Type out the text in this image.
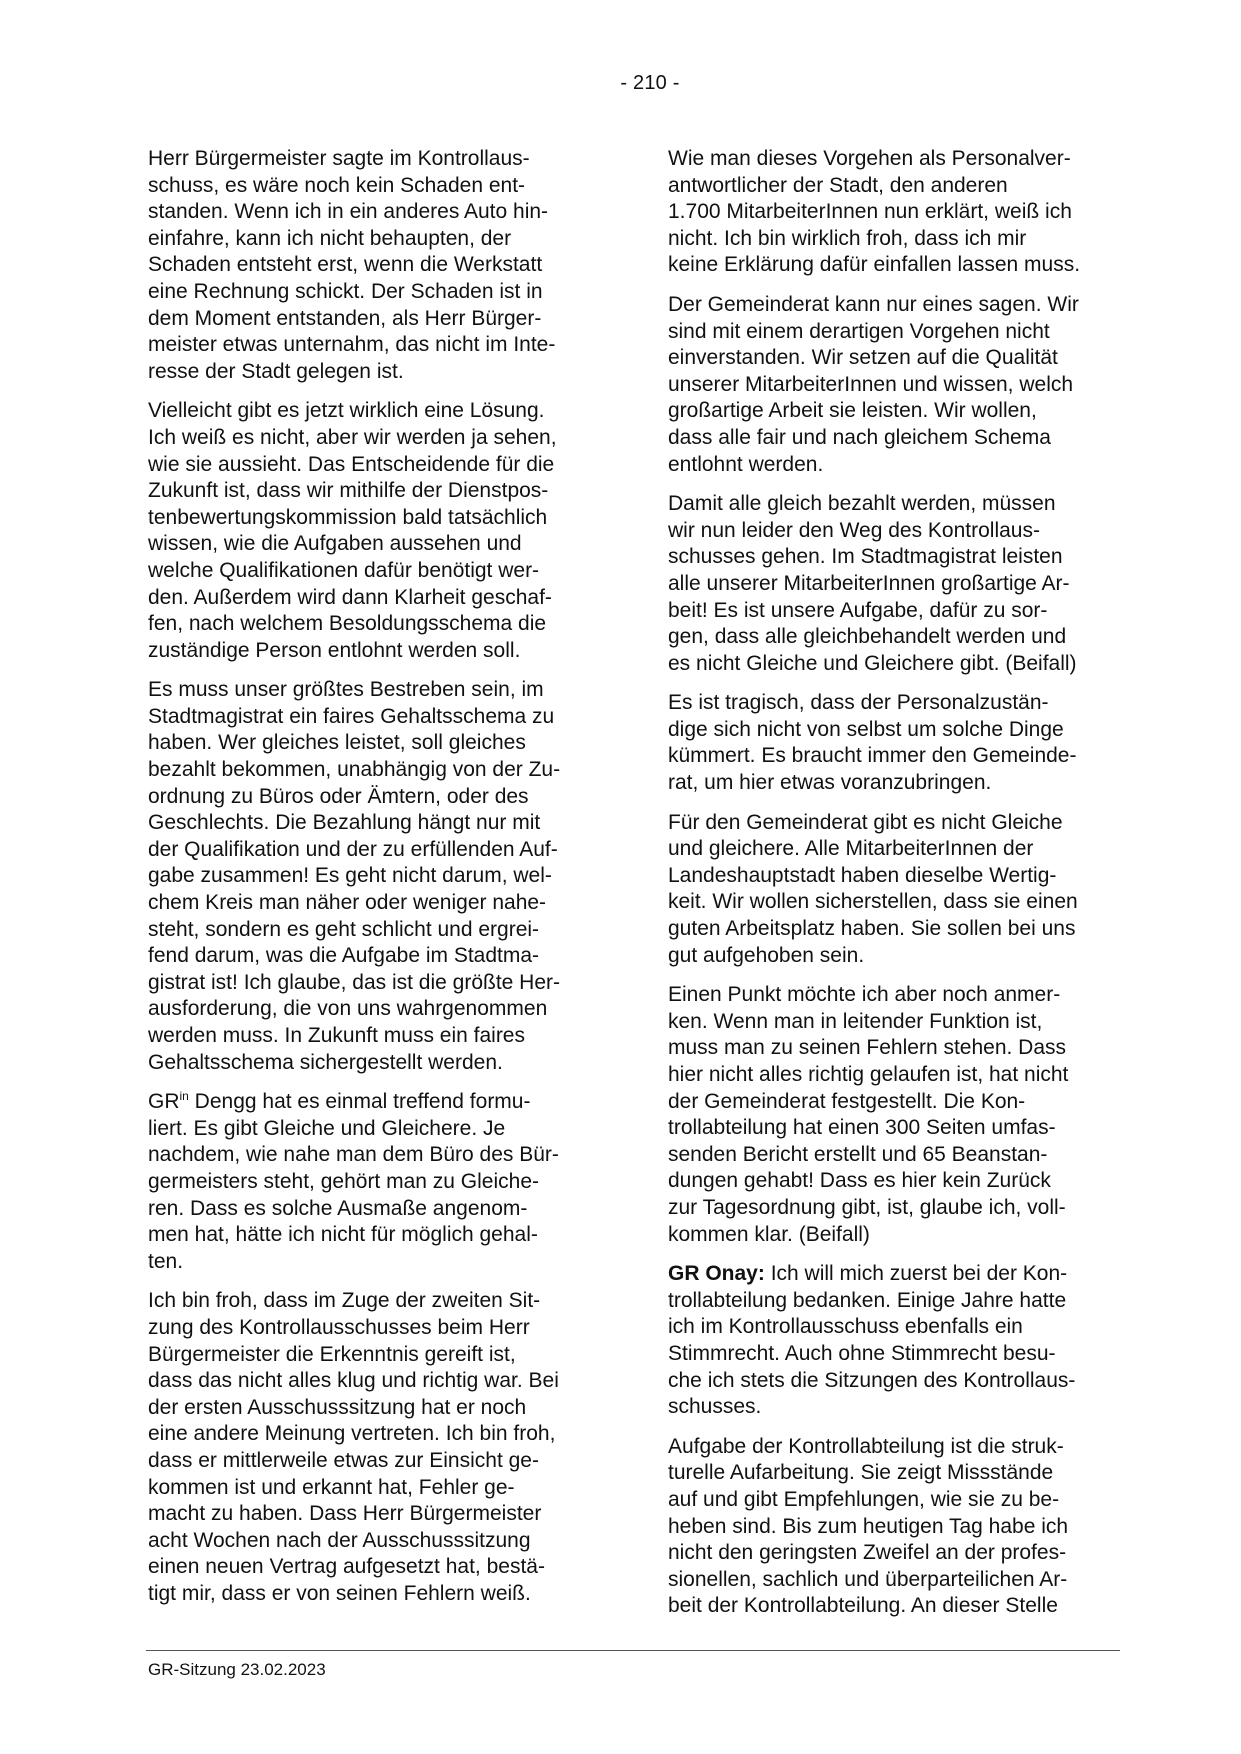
- 210 -

Herr Bürgermeister sagte im Kontrollaus-
schuss, es wäre noch kein Schaden ent-
standen. Wenn ich in ein anderes Auto hin-
einfahre, kann ich nicht behaupten, der
Schaden entsteht erst, wenn die Werkstatt
eine Rechnung schickt. Der Schaden ist in
dem Moment entstanden, als Herr Bürger-
meister etwas unternahm, das nicht im Inte-
resse der Stadt gelegen ist.

Vielleicht gibt es jetzt wirklich eine Lösung.
Ich weiß es nicht, aber wir werden ja sehen,
wie sie aussieht. Das Entscheidende für die
Zukunft ist, dass wir mithilfe der Dienstpos-
tenbewertungskommission bald tatsächlich
wissen, wie die Aufgaben aussehen und
welche Qualifikationen dafür benötigt wer-
den. Außerdem wird dann Klarheit geschaf-
fen, nach welchem Besoldungsschema die
zuständige Person entlohnt werden soll.

Es muss unser größtes Bestreben sein, im
Stadtmagistrat ein faires Gehaltsschema zu
haben. Wer gleiches leistet, soll gleiches
bezahlt bekommen, unabhängig von der Zu-
ordnung zu Büros oder Ämtern, oder des
Geschlechts. Die Bezahlung hängt nur mit
der Qualifikation und der zu erfüllenden Auf-
gabe zusammen! Es geht nicht darum, wel-
chem Kreis man näher oder weniger nahe-
steht, sondern es geht schlicht und ergrei-
fend darum, was die Aufgabe im Stadtma-
gistrat ist! Ich glaube, das ist die größte Her-
ausforderung, die von uns wahrgenommen
werden muss. In Zukunft muss ein faires
Gehaltsschema sichergestellt werden.

$GR^{in}$ Dengg hat es einmal treffend formu-
liert. Es gibt Gleiche und Gleichere. Je
nachdem, wie nahe man dem Büro des Bür-
germeisters steht, gehört man zu Gleiche-
ren. Dass es solche Ausmaße angenom-
men hat, hätte ich nicht für möglich gehal-
ten.

Ich bin froh, dass im Zuge der zweiten Sit-
zung des Kontrollausschusses beim Herr
Bürgermeister die Erkenntnis gereift ist,
dass das nicht alles klug und richtig war. Bei
der ersten Ausschusssitzung hat er noch
eine andere Meinung vertreten. Ich bin froh,
dass er mittlerweile etwas zur Einsicht ge-
kommen ist und erkannt hat, Fehler ge-
macht zu haben. Dass Herr Bürgermeister
acht Wochen nach der Ausschusssitzung
einen neuen Vertrag aufgesetzt hat, bestä-
tigt mir, dass er von seinen Fehlern weiß.

Wie man dieses Vorgehen als Personalver-
antwortlicher der Stadt, den anderen
1.700 MitarbeiterInnen nun erklärt, weiß ich
nicht. Ich bin wirklich froh, dass ich mir
keine Erklärung dafür einfallen lassen muss.

Der Gemeinderat kann nur eines sagen. Wir
sind mit einem derartigen Vorgehen nicht
einverstanden. Wir setzen auf die Qualität
unserer MitarbeiterInnen und wissen, welch
großartige Arbeit sie leisten. Wir wollen,
dass alle fair und nach gleichem Schema
entlohnt werden.

Damit alle gleich bezahlt werden, müssen
wir nun leider den Weg des Kontrollaus-
schusses gehen. Im Stadtmagistrat leisten
alle unserer MitarbeiterInnen großartige Ar-
beit! Es ist unsere Aufgabe, dafür zu sor-
gen, dass alle gleichbehandelt werden und
es nicht Gleiche und Gleichere gibt. (Beifall)

Es ist tragisch, dass der Personalzustän-
dige sich nicht von selbst um solche Dinge
kümmert. Es braucht immer den Gemeinde-
rat, um hier etwas voranzubringen.

Für den Gemeinderat gibt es nicht Gleiche
und gleichere. Alle MitarbeiterInnen der
Landeshauptstadt haben dieselbe Wertig-
keit. Wir wollen sicherstellen, dass sie einen
guten Arbeitsplatz haben. Sie sollen bei uns
gut aufgehoben sein.

Einen Punkt möchte ich aber noch anmer-
ken. Wenn man in leitender Funktion ist,
muss man zu seinen Fehlern stehen. Dass
hier nicht alles richtig gelaufen ist, hat nicht
der Gemeinderat festgestellt. Die Kon-
trollabteilung hat einen 300 Seiten umfas-
senden Bericht erstellt und 65 Beanstan-
dungen gehabt! Dass es hier kein Zurück
zur Tagesordnung gibt, ist, glaube ich, voll-
kommen klar. (Beifall)

GR Onay: Ich will mich zuerst bei der Kon-
trollabteilung bedanken. Einige Jahre hatte
ich im Kontrollausschuss ebenfalls ein
Stimmrecht. Auch ohne Stimmrecht besu-
che ich stets die Sitzungen des Kontrollaus-
schusses.

Aufgabe der Kontrollabteilung ist die struk-
turelle Aufarbeitung. Sie zeigt Missstände
auf und gibt Empfehlungen, wie sie zu be-
heben sind. Bis zum heutigen Tag habe ich
nicht den geringsten Zweifel an der profes-
sionellen, sachlich und überparteilichen Ar-
beit der Kontrollabteilung. An dieser Stelle

GR-Sitzung 23.02.2023
